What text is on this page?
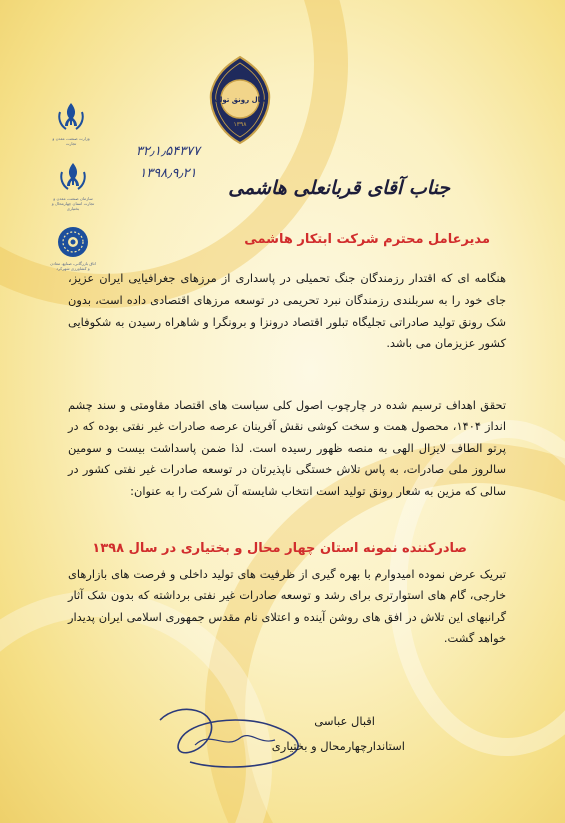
سال رونق تولید
۱۳۹۸
وزارت صنعت، معدن و تجارت
سازمان صنعت، معدن و تجارت استان چهارمحال و بختیاری
اتاق بازرگانی، صنایع، معادن و کشاورزی شهرکرد
۳۲٫۱٫۵۴۳۷۷
۱۳۹۸٫۹٫۲۱
جناب آقای قربانعلی هاشمی
مدیرعامل محترم شرکت ابتکار هاشمی
هنگامه ای که اقتدار رزمندگان جنگ تحمیلی در پاسداری از مرزهای جغرافیایی ایران عزیز، جای خود را به سربلندی رزمندگان نبرد تحریمی در توسعه مرزهای اقتصادی داده است، بدون شک رونق تولید صادراتی تجلیگاه تبلور اقتصاد درونزا و برونگرا و شاهراه رسیدن به شکوفایی کشور عزیزمان می باشد.
تحقق اهداف ترسیم شده در چارچوب اصول کلی سیاست های اقتصاد مقاومتی و سند چشم انداز ۱۴۰۴، محصول همت و سخت کوشی نقش آفرینان عرصه صادرات غیر نفتی بوده که در پرتو الطاف لایزال الهی به منصه ظهور رسیده است. لذا ضمن پاسداشت بیست و سومین سالروز ملی صادرات، به پاس تلاش خستگی ناپذیرتان در توسعه صادرات غیر نفتی کشور در سالی که مزین به شعار رونق تولید است انتخاب شایسته آن شرکت را به عنوان:
صادرکننده نمونه استان چهار محال و بختیاری در سال ۱۳۹۸
تبریک عرض نموده امیدوارم با بهره گیری از ظرفیت های تولید داخلی و فرصت های بازارهای خارجی، گام های استوارتری برای رشد و توسعه صادرات غیر نفتی برداشته که بدون شک آثار گرانبهای این تلاش در افق های روشن آینده و اعتلای نام مقدس جمهوری اسلامی ایران پدیدار خواهد گشت.
اقبال عباسی
استاندارچهارمحال و بختیاری
